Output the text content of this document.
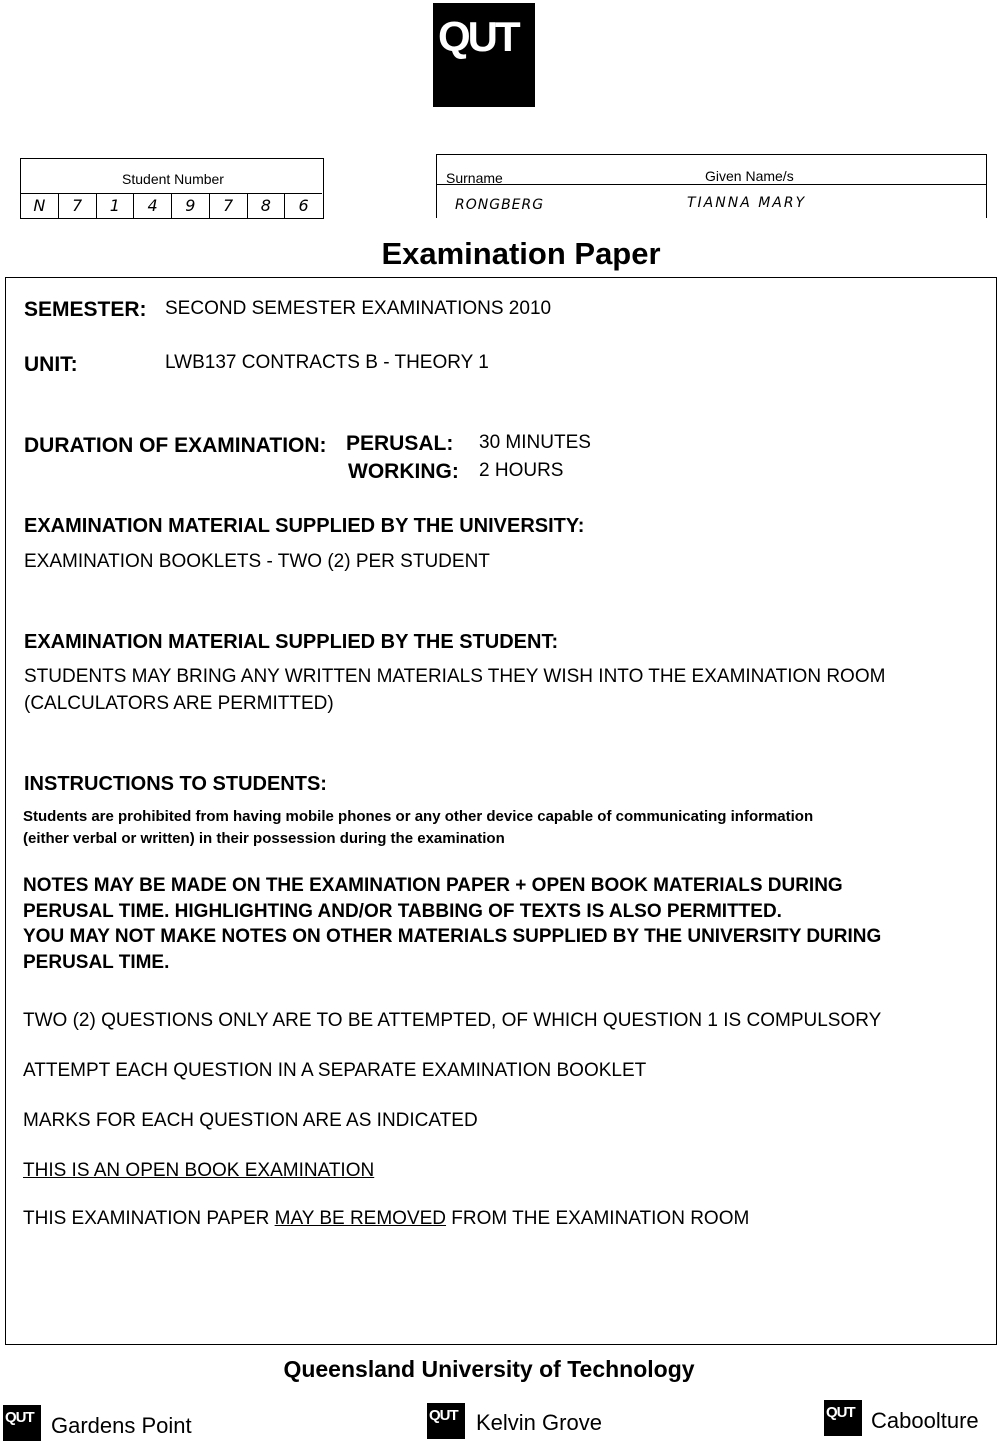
QUT
Student Number
N	7	1	4	9	7	8	6
Surname	Given Name/s
RONGBERG	TIANNA MARY
Examination Paper
SEMESTER: SECOND SEMESTER EXAMINATIONS 2010
UNIT:	LWB137 CONTRACTS B - THEORY 1
DURATION OF EXAMINATION: PERUSAL: 30 MINUTES
WORKING: 2 HOURS
EXAMINATION MATERIAL SUPPLIED BY THE UNIVERSITY:
EXAMINATION BOOKLETS - TWO (2) PER STUDENT
EXAMINATION MATERIAL SUPPLIED BY THE STUDENT:
STUDENTS MAY BRING ANY WRITTEN MATERIALS THEY WISH INTO THE EXAMINATION ROOM
(CALCULATORS ARE PERMITTED)
INSTRUCTIONS TO STUDENTS:
Students are prohibited from having mobile phones or any other device capable of communicating information
(either verbal or written) in their possession during the examination
NOTES MAY BE MADE ON THE EXAMINATION PAPER + OPEN BOOK MATERIALS DURING
PERUSAL TIME. HIGHLIGHTING AND/OR TABBING OF TEXTS IS ALSO PERMITTED.
YOU MAY NOT MAKE NOTES ON OTHER MATERIALS SUPPLIED BY THE UNIVERSITY DURING
PERUSAL TIME.
TWO (2) QUESTIONS ONLY ARE TO BE ATTEMPTED, OF WHICH QUESTION 1 IS COMPULSORY
ATTEMPT EACH QUESTION IN A SEPARATE EXAMINATION BOOKLET
MARKS FOR EACH QUESTION ARE AS INDICATED
THIS IS AN OPEN BOOK EXAMINATION
THIS EXAMINATION PAPER MAY BE REMOVED FROM THE EXAMINATION ROOM
Queensland University of Technology
QUT Gardens Point	QUT Kelvin Grove	QUT Caboolture
